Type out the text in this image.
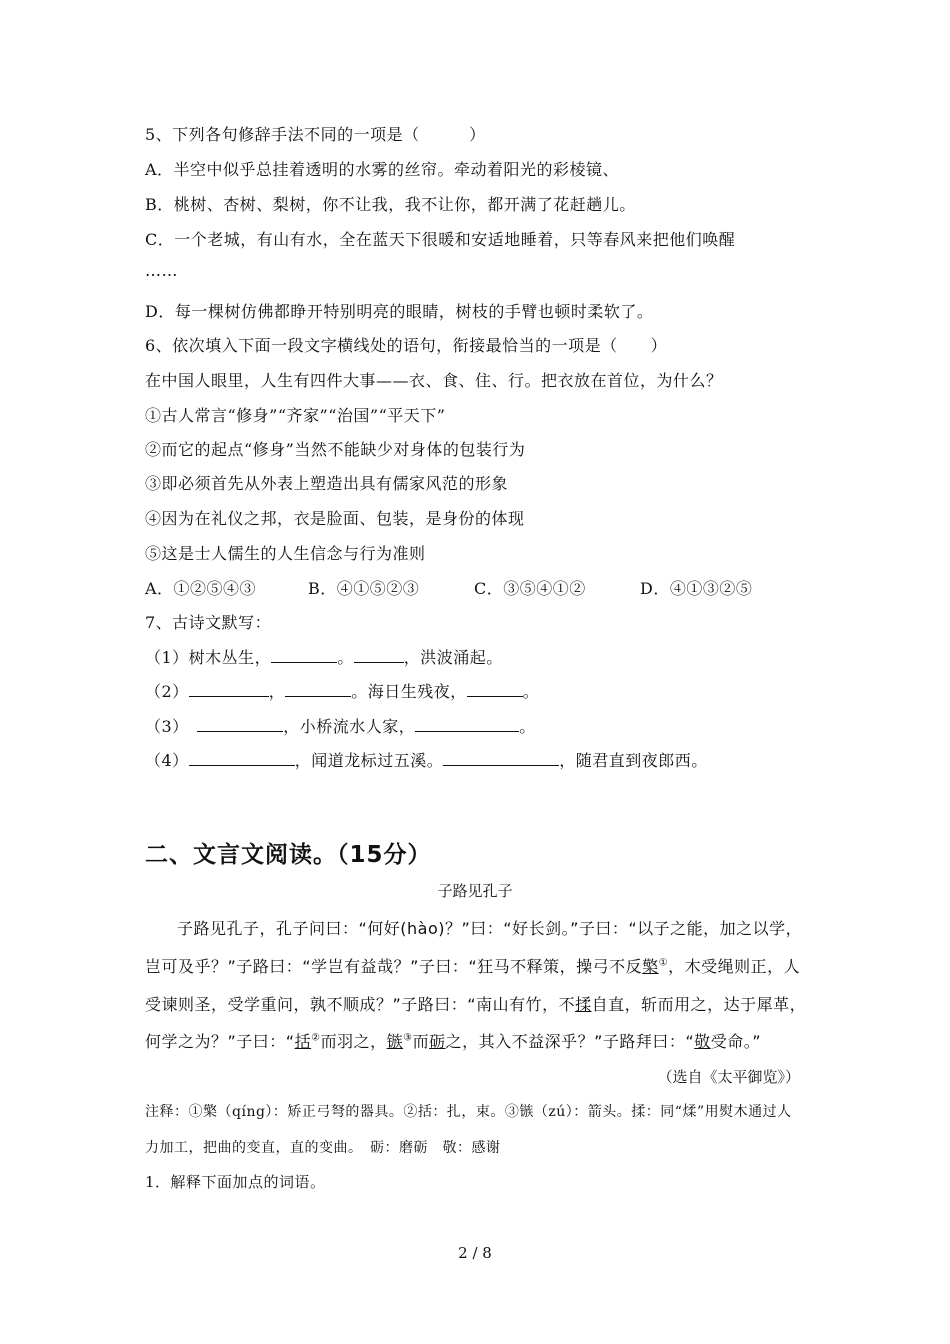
5、下列各句修辞手法不同的一项是（　　　）
A．半空中似乎总挂着透明的水雾的丝帘。牵动着阳光的彩棱镜、
B．桃树、杏树、梨树，你不让我，我不让你，都开满了花赶趟儿。
C．一个老城，有山有水，全在蓝天下很暖和安适地睡着，只等春风来把他们唤醒
……
D．每一棵树仿佛都睁开特别明亮的眼睛，树枝的手臂也顿时柔软了。
6、依次填入下面一段文字横线处的语句，衔接最恰当的一项是（　　）
在中国人眼里，人生有四件大事——衣、食、住、行。把衣放在首位，为什么？
①古人常言“修身”“齐家”“治国”“平天下”
②而它的起点“修身”当然不能缺少对身体的包装行为
③即必须首先从外表上塑造出具有儒家风范的形象
④因为在礼仪之邦，衣是脸面、包装，是身份的体现
⑤这是士人儒生的人生信念与行为准则
A．①②⑤④③	B．④①⑤②③	C．③⑤④①②	D．④①③②⑤
7、古诗文默写：
（1）树木丛生，	。	，洪波涌起。
（2）	，	。海日生残夜，	。
（3）　	，小桥流水人家，	。
（4）	，闻道龙标过五溪。	，随君直到夜郎西。
二、文言文阅读。（15分）
子路见孔子
子路见孔子，孔子问曰：“何好(hào)？”曰：“好长剑。”子曰：“以子之能，加之以学，
岂可及乎？”子路曰：“学岂有益哉？”子曰：“狂马不释策，操弓不反檠①，木受绳则正，人
受谏则圣，受学重问，孰不顺成？”子路曰：“南山有竹，不揉自直，斩而用之，达于犀革，
何学之为？”子曰：“括②而羽之，镞③而砺之，其入不益深乎？”子路拜曰：“敬受命。”
（选自《太平御览》）
注释：①檠（qíng）：矫正弓弩的器具。②括：扎，束。③镞（zú）：箭头。揉：同“煣”用熨木通过人
力加工，把曲的变直，直的变曲。　砺：磨砺　敬：感谢
1．解释下面加点的词语。
2 / 8
